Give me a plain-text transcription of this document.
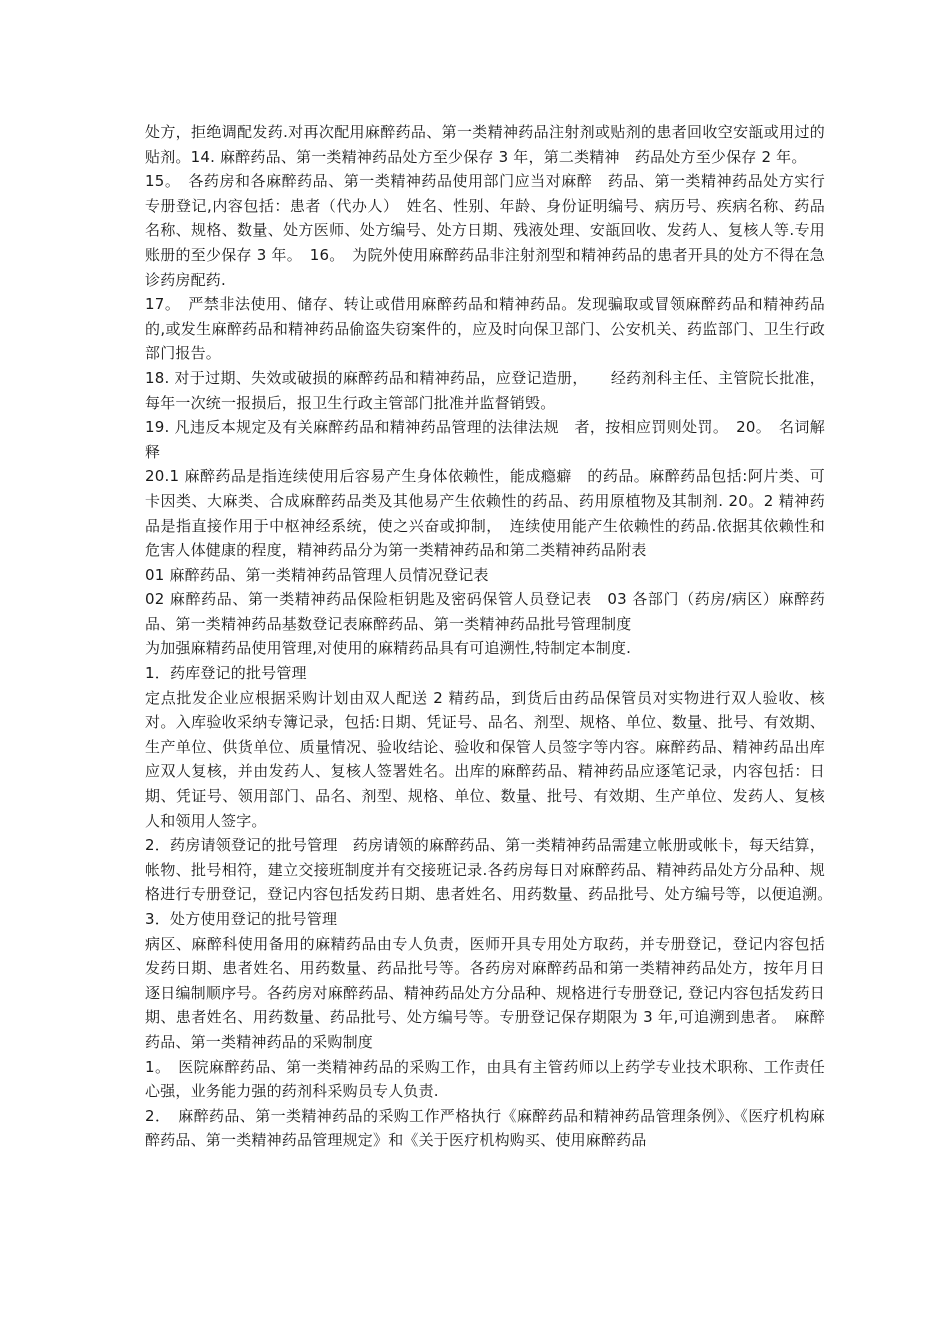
处方，拒绝调配发药.对再次配用麻醉药品、第一类精神药品注射剂或贴剂的患者回收空安瓿或用过的贴剂。14. 麻醉药品、第一类精神药品处方至少保存 3 年，第二类精神　药品处方至少保存 2 年。

15。　各药房和各麻醉药品、第一类精神药品使用部门应当对麻醉　药品、第一类精神药品处方实行专册登记,内容包括：患者（代办人）　姓名、性别、年龄、身份证明编号、病历号、疾病名称、药品名称、规格、数量、处方医师、处方编号、处方日期、残液处理、安瓿回收、发药人、复核人等.专用账册的至少保存 3 年。　16。　为院外使用麻醉药品非注射剂型和精神药品的患者开具的处方不得在急诊药房配药.

17。　严禁非法使用、储存、转让或借用麻醉药品和精神药品。发现骗取或冒领麻醉药品和精神药品的,或发生麻醉药品和精神药品偷盗失窃案件的，应及时向保卫部门、公安机关、药监部门、卫生行政部门报告。

18. 对于过期、失效或破损的麻醉药品和精神药品，应登记造册，　　经药剂科主任、主管院长批准，每年一次统一报损后，报卫生行政主管部门批准并监督销毁。

19. 凡违反本规定及有关麻醉药品和精神药品管理的法律法规　者，按相应罚则处罚。　20。　名词解释

20.1 麻醉药品是指连续使用后容易产生身体依赖性，能成瘾癖　的药品。麻醉药品包括:阿片类、可卡因类、大麻类、合成麻醉药品类及其他易产生依赖性的药品、药用原植物及其制剂. 20。2 精神药品是指直接作用于中枢神经系统，使之兴奋或抑制，　连续使用能产生依赖性的药品.依据其依赖性和危害人体健康的程度，精神药品分为第一类精神药品和第二类精神药品附表

01 麻醉药品、第一类精神药品管理人员情况登记表

02 麻醉药品、第一类精神药品保险柜钥匙及密码保管人员登记表　03 各部门（药房/病区）麻醉药品、第一类精神药品基数登记表麻醉药品、第一类精神药品批号管理制度

为加强麻精药品使用管理,对使用的麻精药品具有可追溯性,特制定本制度.

1．药库登记的批号管理

定点批发企业应根据采购计划由双人配送 2 精药品，到货后由药品保管员对实物进行双人验收、核对。入库验收采纳专簿记录，包括:日期、凭证号、品名、剂型、规格、单位、数量、批号、有效期、生产单位、供货单位、质量情况、验收结论、验收和保管人员签字等内容。麻醉药品、精神药品出库应双人复核，并由发药人、复核人签署姓名。出库的麻醉药品、精神药品应逐笔记录，内容包括：日期、凭证号、领用部门、品名、剂型、规格、单位、数量、批号、有效期、生产单位、发药人、复核人和领用人签字。

2．药房请领登记的批号管理　药房请领的麻醉药品、第一类精神药品需建立帐册或帐卡，每天结算，帐物、批号相符，建立交接班制度并有交接班记录.各药房每日对麻醉药品、精神药品处方分品种、规格进行专册登记，登记内容包括发药日期、患者姓名、用药数量、药品批号、处方编号等，以便追溯。　3．处方使用登记的批号管理

病区、麻醉科使用备用的麻精药品由专人负责，医师开具专用处方取药，并专册登记，登记内容包括发药日期、患者姓名、用药数量、药品批号等。各药房对麻醉药品和第一类精神药品处方，按年月日逐日编制顺序号。各药房对麻醉药品、精神药品处方分品种、规格进行专册登记, 登记内容包括发药日期、患者姓名、用药数量、药品批号、处方编号等。专册登记保存期限为 3 年,可追溯到患者。　麻醉药品、第一类精神药品的采购制度

1。　医院麻醉药品、第一类精神药品的采购工作，由具有主管药师以上药学专业技术职称、工作责任心强，业务能力强的药剂科采购员专人负责.

2．　麻醉药品、第一类精神药品的采购工作严格执行《麻醉药品和精神药品管理条例》、《医疗机构麻醉药品、第一类精神药品管理规定》和《关于医疗机构购买、使用麻醉药品
